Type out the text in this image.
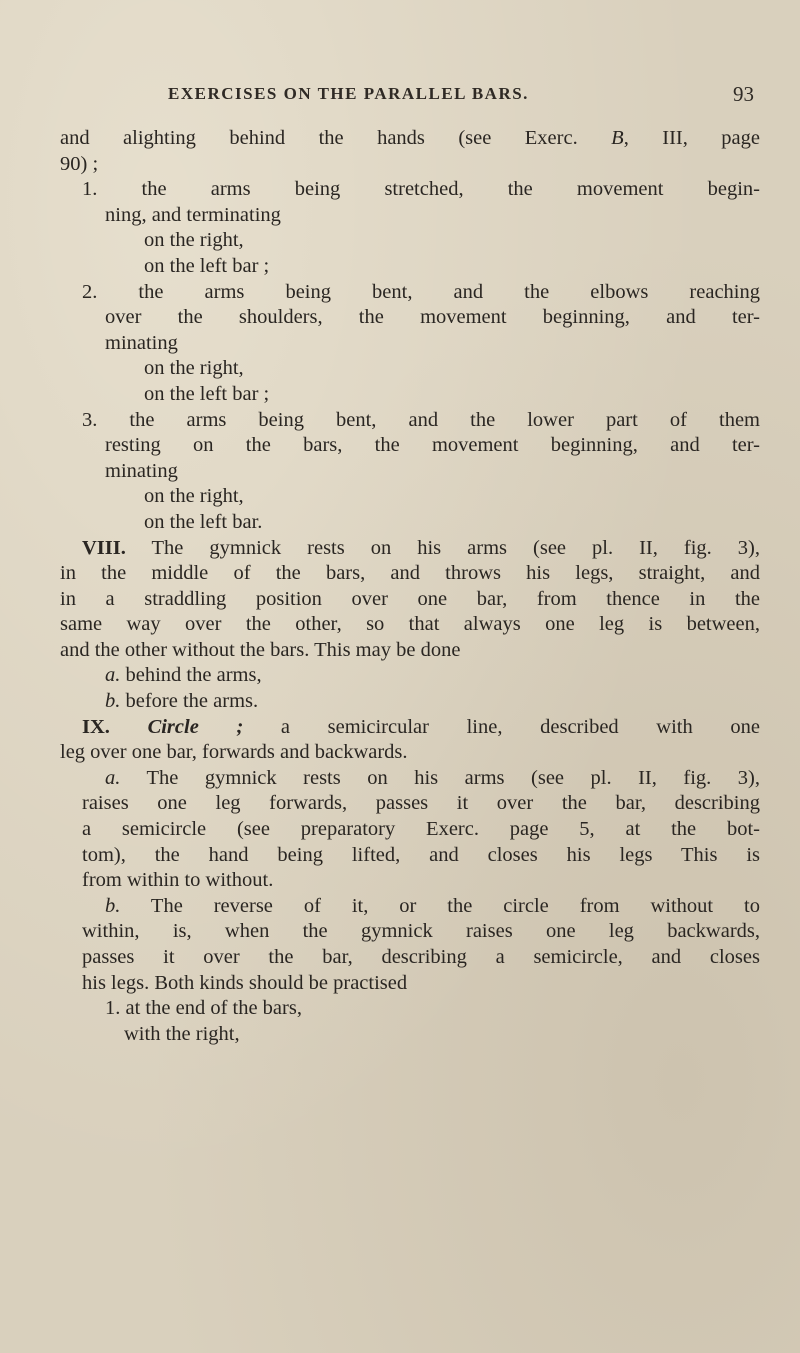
EXERCISES ON THE PARALLEL BARS.	93
and alighting behind the hands (see Exerc. B, III, page
90) ;
1. the arms being stretched, the movement begin-
ning, and terminating
on the right,
on the left bar ;
2. the arms being bent, and the elbows reaching
over the shoulders, the movement beginning, and ter-
minating
on the right,
on the left bar ;
3. the arms being bent, and the lower part of them
resting on the bars, the movement beginning, and ter-
minating
on the right,
on the left bar.
VIII. The gymnick rests on his arms (see pl. II, fig. 3),
in the middle of the bars, and throws his legs, straight, and
in a straddling position over one bar, from thence in the
same way over the other, so that always one leg is between,
and the other without the bars. This may be done
a. behind the arms,
b. before the arms.
IX. Circle ; a semicircular line, described with one
leg over one bar, forwards and backwards.
a. The gymnick rests on his arms (see pl. II, fig. 3),
raises one leg forwards, passes it over the bar, describing
a semicircle (see preparatory Exerc. page 5, at the bot-
tom), the hand being lifted, and closes his legs This is
from within to without.
b. The reverse of it, or the circle from without to
within, is, when the gymnick raises one leg backwards,
passes it over the bar, describing a semicircle, and closes
his legs. Both kinds should be practised
1. at the end of the bars,
with the right,
